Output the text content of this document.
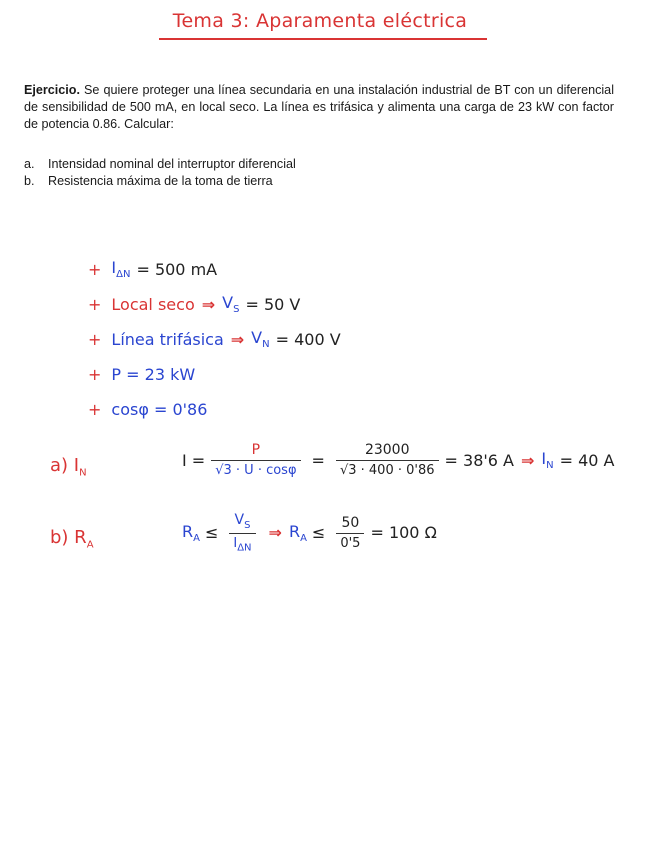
Tema 3: Aparamenta eléctrica
Ejercicio. Se quiere proteger una línea secundaria en una instalación industrial de BT con un diferencial de sensibilidad de 500 mA, en local seco. La línea es trifásica y alimenta una carga de 23 kW con factor de potencia 0.86. Calcular:
a.	Intensidad nominal del interruptor diferencial
b.	Resistencia máxima de la toma de tierra
+ $I_{\Delta N} = 500$ mA
+ Local seco ⇒ $V_S = 50$ V
+ Línea trifásica ⇒ $V_N = 400$ V
+ P = 23 kW
+ cosφ = 0'86
a) $I_N$
$I = \frac{P}{√3 \cdot U \cdot \cos\varphi} = \frac{23000}{√3 \cdot 400 \cdot 0'86} = 38'6$ A ⇒ $I_N = 40$ A
b) $R_A$
$R_A \le \frac{V_S}{I_{\Delta N}}$ ⇒ $R_A \le \frac{50}{0'5} = 100$ Ω
